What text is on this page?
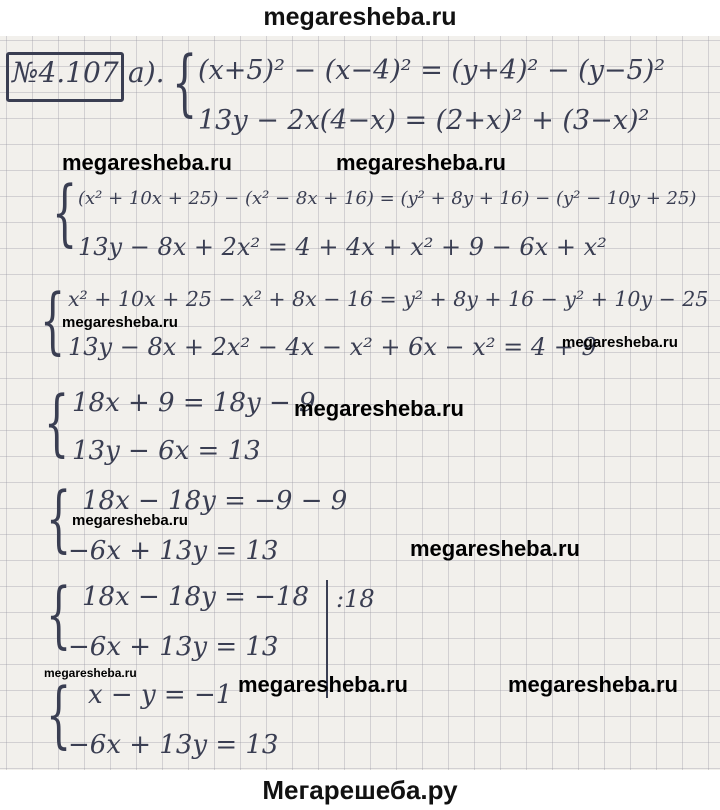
megaresheba.ru
№4.107 а). { (x+5)² − (x−4)² = (y+4)² − (y−5)²
13y − 2x(4−x) = (2+x)² + (3−x)²
{ (x² + 10x + 25) − (x² − 8x + 16) = (y² + 8y + 16) − (y² − 10y + 25)
13y − 8x + 2x² = 4 + 4x + x² + 9 − 6x + x²
{ x² + 10x + 25 − x² + 8x − 16 = y² + 8y + 16 − y² + 10y − 25
13y − 8x + 2x² − 4x − x² + 6x − x² = 4 + 9
{ 18x + 9 = 18y − 9
13y − 6x = 13
{ 18x − 18y = −9 − 9
−6x + 13y = 13
{ 18x − 18y = −18
−6x + 13y = 13
:18
{ x − y = −1
−6x + 13y = 13
megaresheba.ru	megaresheba.ru
megaresheba.ru
megaresheba.ru
megaresheba.ru
megaresheba.ru
megaresheba.ru
megaresheba.ru	megaresheba.ru	megaresheba.ru
Мегарешеба.ру
